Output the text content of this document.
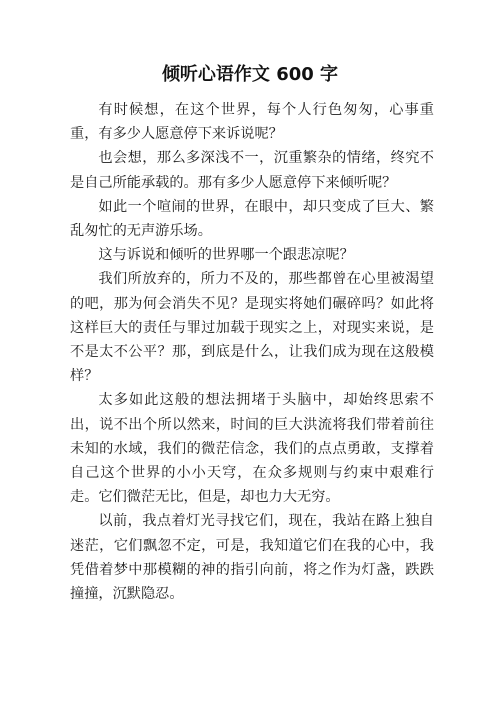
倾听心语作文 600 字

有时候想，在这个世界，每个人行色匆匆，心事重重，有多少人愿意停下来诉说呢？

也会想，那么多深浅不一，沉重繁杂的情绪，终究不是自己所能承载的。那有多少人愿意停下来倾听呢？

如此一个喧闹的世界，在眼中，却只变成了巨大、繁乱匆忙的无声游乐场。

这与诉说和倾听的世界哪一个跟悲凉呢？

我们所放弃的，所力不及的，那些都曾在心里被渴望的吧，那为何会消失不见？是现实将她们碾碎吗？如此将这样巨大的责任与罪过加载于现实之上，对现实来说，是不是太不公平？那，到底是什么，让我们成为现在这般模样？

太多如此这般的想法拥堵于头脑中，却始终思索不出，说不出个所以然来，时间的巨大洪流将我们带着前往未知的水域，我们的微茫信念，我们的点点勇敢，支撑着自己这个世界的小小天穹，在众多规则与约束中艰难行走。它们微茫无比，但是，却也力大无穷。

以前，我点着灯光寻找它们，现在，我站在路上独自迷茫，它们飘忽不定，可是，我知道它们在我的心中，我凭借着梦中那模糊的神的指引向前，将之作为灯盏，跌跌撞撞，沉默隐忍。
